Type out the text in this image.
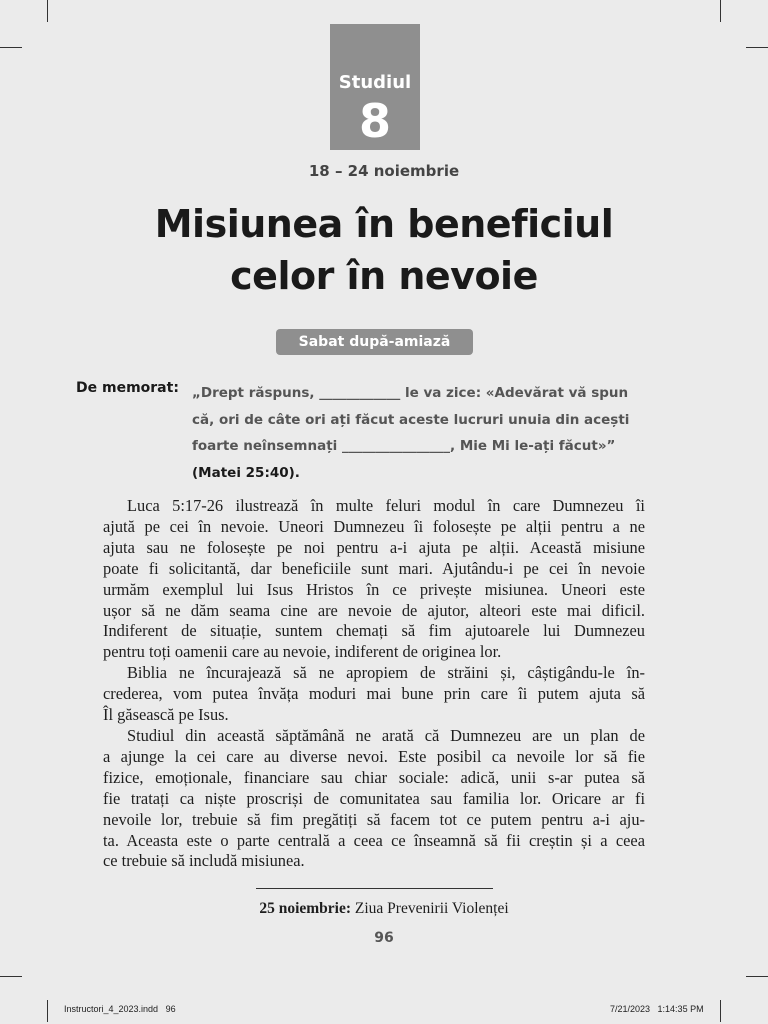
Studiul
8
18 – 24 noiembrie
Misiunea în beneficiul
celor în nevoie
Sabat după-amiază
De memorat: „Drept răspuns, ____________ le va zice: «Adevărat vă spun
că, ori de câte ori ați făcut aceste lucruri unuia din acești
foarte neînsemnați ________________, Mie Mi le-ați făcut»”
(Matei 25:40).
Luca 5:17-26 ilustrează în multe feluri modul în care Dumnezeu îi
ajută pe cei în nevoie. Uneori Dumnezeu îi folosește pe alții pentru a ne
ajuta sau ne folosește pe noi pentru a-i ajuta pe alții. Această misiune
poate fi solicitantă, dar beneficiile sunt mari. Ajutându-i pe cei în nevoie
urmăm exemplul lui Isus Hristos în ce privește misiunea. Uneori este
ușor să ne dăm seama cine are nevoie de ajutor, alteori este mai dificil.
Indiferent de situație, suntem chemați să fim ajutoarele lui Dumnezeu
pentru toți oamenii care au nevoie, indiferent de originea lor.
Biblia ne încurajează să ne apropiem de străini și, câștigându-le în-
crederea, vom putea învăța moduri mai bune prin care îi putem ajuta să
Îl găsească pe Isus.
Studiul din această săptămână ne arată că Dumnezeu are un plan de
a ajunge la cei care au diverse nevoi. Este posibil ca nevoile lor să fie
fizice, emoționale, financiare sau chiar sociale: adică, unii s-ar putea să
fie tratați ca niște proscriși de comunitatea sau familia lor. Oricare ar fi
nevoile lor, trebuie să fim pregătiți să facem tot ce putem pentru a-i aju-
ta. Aceasta este o parte centrală a ceea ce înseamnă să fii creștin și a ceea
ce trebuie să includă misiunea.
25 noiembrie: Ziua Prevenirii Violenței
96
Instructori_4_2023.indd   96	7/21/2023   1:14:35 PM
